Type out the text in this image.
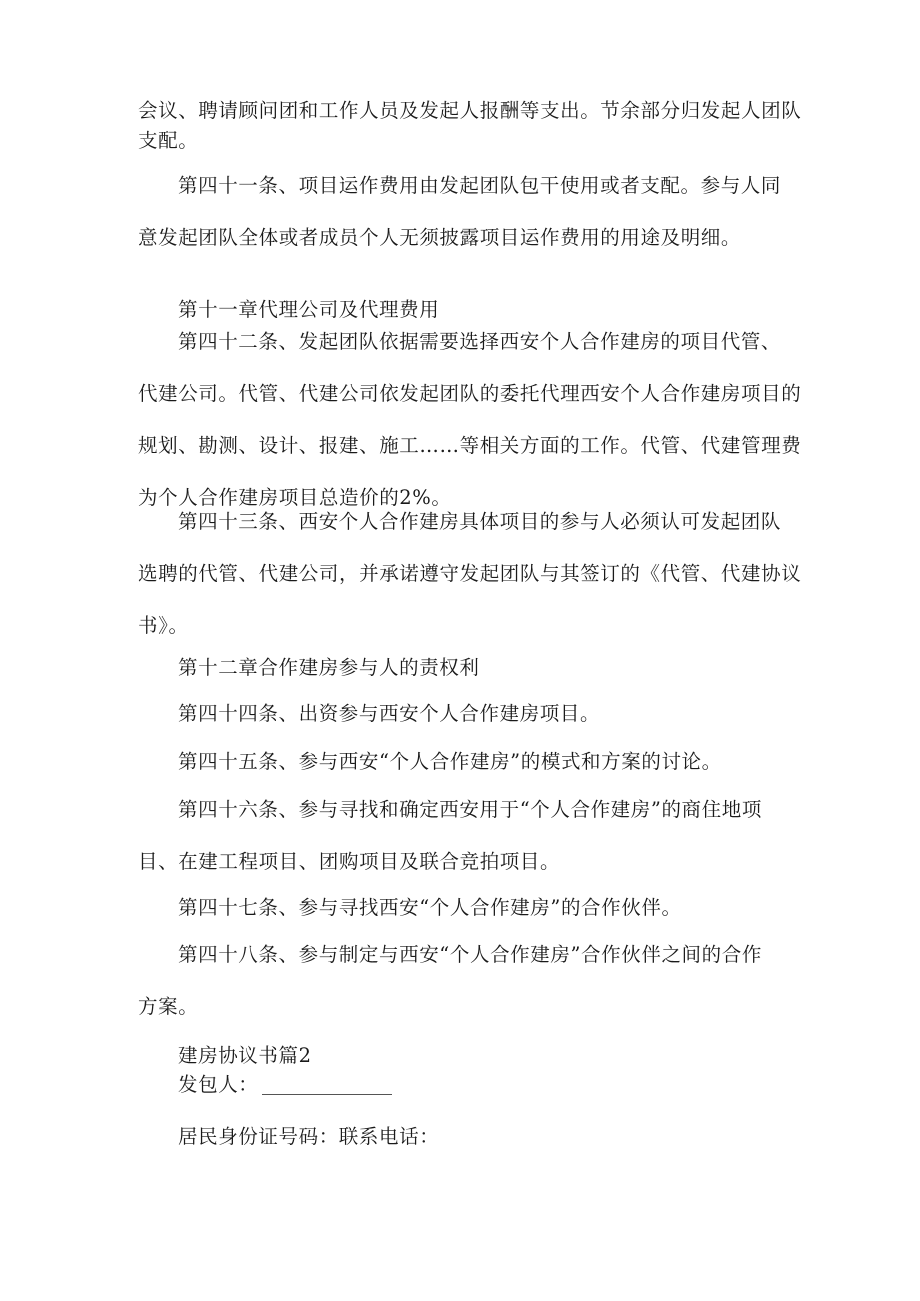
会议、聘请顾问团和工作人员及发起人报酬等支出。节余部分归发起人团队
支配。
第四十一条、项目运作费用由发起团队包干使用或者支配。参与人同
意发起团队全体或者成员个人无须披露项目运作费用的用途及明细。
第十一章代理公司及代理费用
第四十二条、发起团队依据需要选择西安个人合作建房的项目代管、
代建公司。代管、代建公司依发起团队的委托代理西安个人合作建房项目的
规划、勘测、设计、报建、施工……等相关方面的工作。代管、代建管理费
为个人合作建房项目总造价的2%。
第四十三条、西安个人合作建房具体项目的参与人必须认可发起团队
选聘的代管、代建公司，并承诺遵守发起团队与其签订的《代管、代建协议
书》。
第十二章合作建房参与人的责权利
第四十四条、出资参与西安个人合作建房项目。
第四十五条、参与西安“个人合作建房”的模式和方案的讨论。
第四十六条、参与寻找和确定西安用于“个人合作建房”的商住地项
目、在建工程项目、团购项目及联合竞拍项目。
第四十七条、参与寻找西安“个人合作建房”的合作伙伴。
第四十八条、参与制定与西安“个人合作建房”合作伙伴之间的合作
方案。
建房协议书篇2
发包人：
居民身份证号码：联系电话：
